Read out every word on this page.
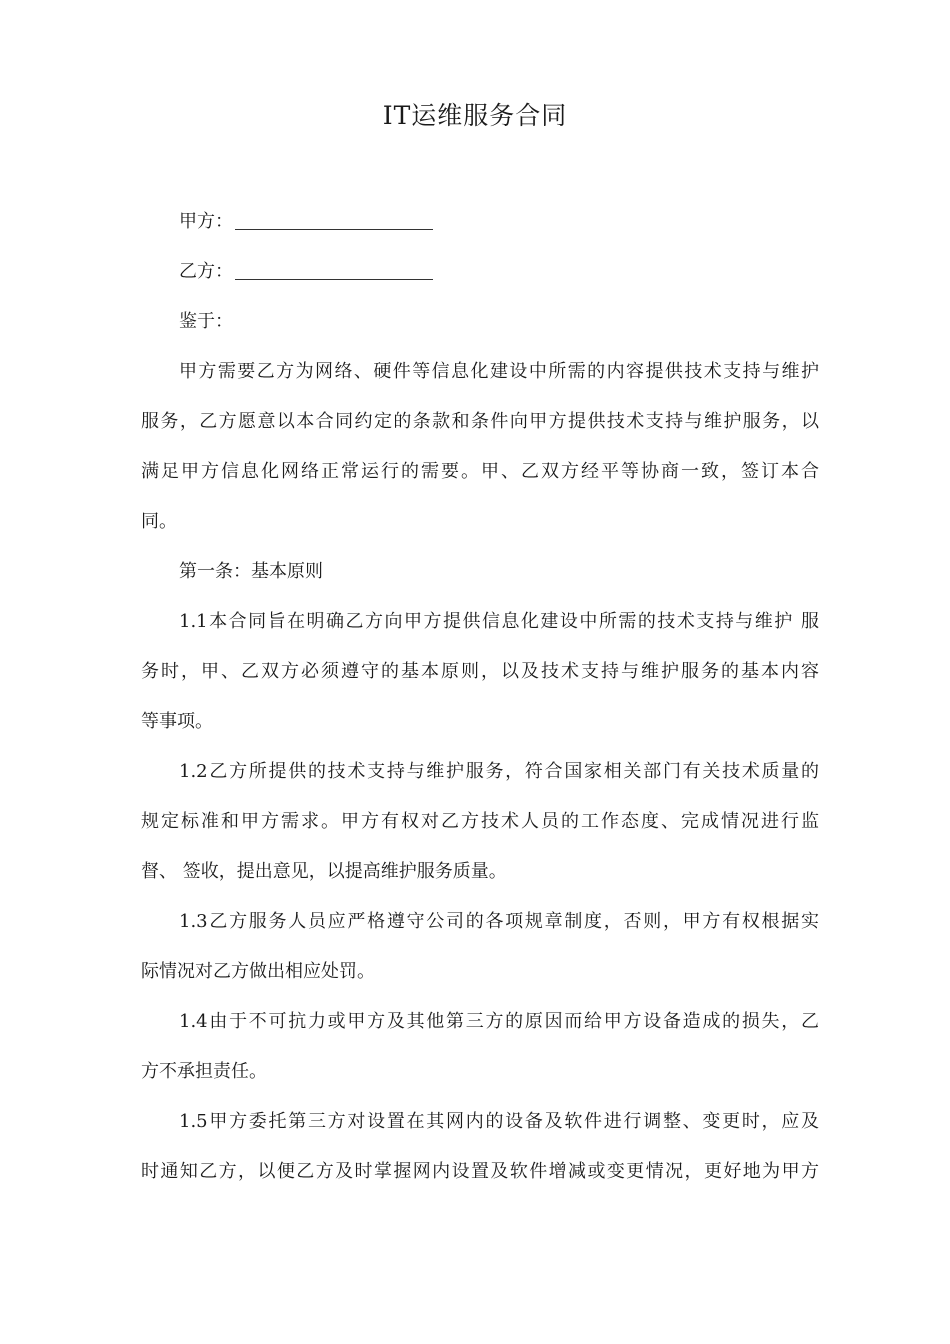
IT运维服务合同
甲方：
乙方：
鉴于：
甲方需要乙方为网络、硬件等信息化建设中所需的内容提供技术支持与维护
服务，乙方愿意以本合同约定的条款和条件向甲方提供技术支持与维护服务，以
满足甲方信息化网络正常运行的需要。甲、乙双方经平等协商一致，签订本合
同。
第一条：基本原则
1.1本合同旨在明确乙方向甲方提供信息化建设中所需的技术支持与维护 服
务时，甲、乙双方必须遵守的基本原则，以及技术支持与维护服务的基本内容
等事项。
1.2乙方所提供的技术支持与维护服务，符合国家相关部门有关技术质量的
规定标准和甲方需求。甲方有权对乙方技术人员的工作态度、完成情况进行监
督、 签收，提出意见，以提高维护服务质量。
1.3乙方服务人员应严格遵守公司的各项规章制度，否则，甲方有权根据实
际情况对乙方做出相应处罚。
1.4由于不可抗力或甲方及其他第三方的原因而给甲方设备造成的损失，乙
方不承担责任。
1.5甲方委托第三方对设置在其网内的设备及软件进行调整、变更时，应及
时通知乙方，以便乙方及时掌握网内设置及软件增减或变更情况，更好地为甲方
